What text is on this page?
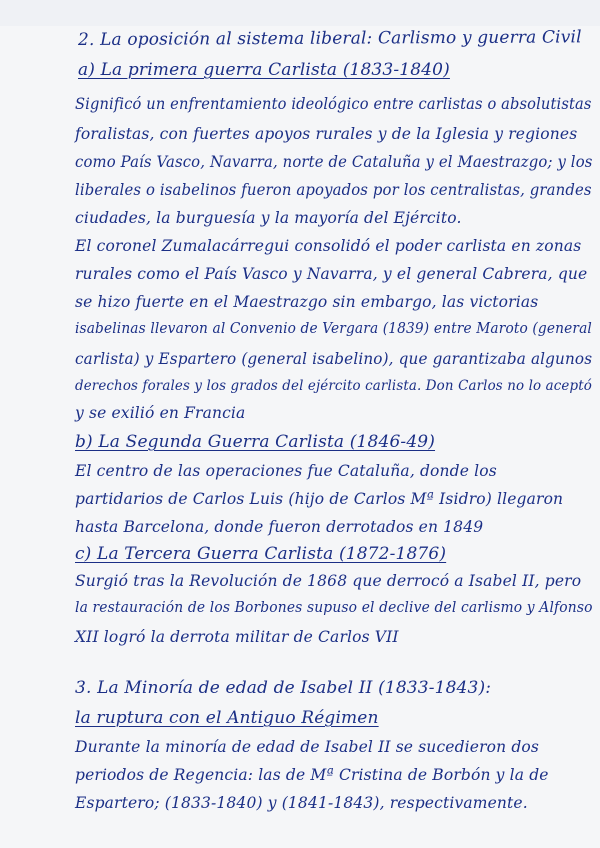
2. La oposición al sistema liberal: Carlismo y guerra Civil
a) La primera guerra Carlista (1833-1840)
Significó un enfrentamiento ideológico entre carlistas o absolutistas
foralistas, con fuertes apoyos rurales y de la Iglesia y regiones
como País Vasco, Navarra, norte de Cataluña y el Maestrazgo; y los
liberales o isabelinos fueron apoyados por los centralistas, grandes
ciudades, la burguesía y la mayoría del Ejército.
El coronel Zumalacárregui consolidó el poder carlista en zonas
rurales como el País Vasco y Navarra, y el general Cabrera, que
se hizo fuerte en el Maestrazgo sin embargo, las victorias
isabelinas llevaron al Convenio de Vergara (1839) entre Maroto (general
carlista) y Espartero (general isabelino), que garantizaba algunos
derechos forales y los grados del ejército carlista. Don Carlos no lo aceptó
y se exilió en Francia
b) La Segunda Guerra Carlista (1846-49)
El centro de las operaciones fue Cataluña, donde los
partidarios de Carlos Luis (hijo de Carlos Mª Isidro) llegaron
hasta Barcelona, donde fueron derrotados en 1849
c) La Tercera Guerra Carlista (1872-1876)
Surgió tras la Revolución de 1868 que derrocó a Isabel II, pero
la restauración de los Borbones supuso el declive del carlismo y Alfonso
XII logró la derrota militar de Carlos VII
3. La Minoría de edad de Isabel II (1833-1843):
la ruptura con el Antiguo Régimen
Durante la minoría de edad de Isabel II se sucedieron dos
periodos de Regencia: las de Mª Cristina de Borbón y la de
Espartero; (1833-1840) y (1841-1843), respectivamente.
